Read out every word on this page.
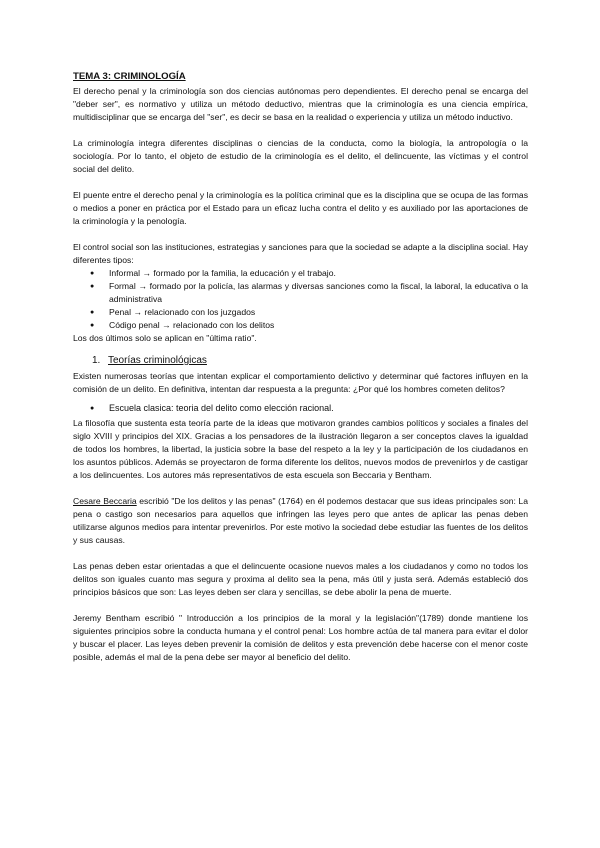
TEMA 3: CRIMINOLOGÍA

El derecho penal y la criminología son dos ciencias autónomas pero dependientes. El derecho penal se encarga del "deber ser", es normativo y utiliza un método deductivo, mientras que la criminología es una ciencia empírica, multidisciplinar que se encarga del "ser", es decir se basa en la realidad o experiencia y utiliza un método inductivo.

La criminología integra diferentes disciplinas o ciencias de la conducta, como la biología, la antropología o la sociología. Por lo tanto, el objeto de estudio de la criminología es el delito, el delincuente, las víctimas y el control social del delito.

El puente entre el derecho penal y la criminología es la política criminal que es la disciplina que se ocupa de las formas o medios a poner en práctica por el Estado para un eficaz lucha contra el delito y es auxiliado por las aportaciones de la criminología y la penología.

El control social son las instituciones, estrategias y sanciones para que la sociedad se adapte a la disciplina social. Hay diferentes tipos:

● Informal → formado por la familia, la educación y el trabajo.
● Formal → formado por la policía, las alarmas y diversas sanciones como la fiscal, la laboral, la educativa o la administrativa
● Penal → relacionado con los juzgados
● Código penal → relacionado con los delitos

Los dos últimos solo se aplican en "última ratio".

1. Teorías criminológicas

Existen numerosas teorías que intentan explicar el comportamiento delictivo y determinar qué factores influyen en la comisión de un delito. En definitiva, intentan dar respuesta a la pregunta: ¿Por qué los hombres cometen delitos?

● Escuela clasica: teoria del delito como elección racional.

La filosofía que sustenta esta teoría parte de la ideas que motivaron grandes cambios políticos y sociales a finales del siglo XVIII y principios del XIX. Gracias a los pensadores de la ilustración llegaron a ser conceptos claves la igualdad de todos los hombres, la libertad, la justicia sobre la base del respeto a la ley y la participación de los ciudadanos en los asuntos públicos. Además se proyectaron de forma diferente los delitos, nuevos modos de prevenirlos y de castigar a los delincuentes. Los autores más representativos de esta escuela son Beccaria y Bentham.

Cesare Beccaria escribió "De los delitos y las penas" (1764) en él podemos destacar que sus ideas principales son: La pena o castigo son necesarios para aquellos que infringen las leyes pero que antes de aplicar las penas deben utilizarse algunos medios para intentar prevenirlos. Por este motivo la sociedad debe estudiar las fuentes de los delitos y sus causas.

Las penas deben estar orientadas a que el delincuente ocasione nuevos males a los ciudadanos y como no todos los delitos son iguales cuanto mas segura y proxima al delito sea la pena, más útil y justa será. Además estableció dos principios básicos que son: Las leyes deben ser clara y sencillas, se debe abolir la pena de muerte.

Jeremy Bentham escribió " Introducción a los principios de la moral y la legislación"(1789) donde mantiene los siguientes principios sobre la conducta humana y el control penal: Los hombre actúa de tal manera para evitar el dolor y buscar el placer. Las leyes deben prevenir la comisión de delitos y esta prevención debe hacerse con el menor coste posible, además el mal de la pena debe ser mayor al beneficio del delito.
